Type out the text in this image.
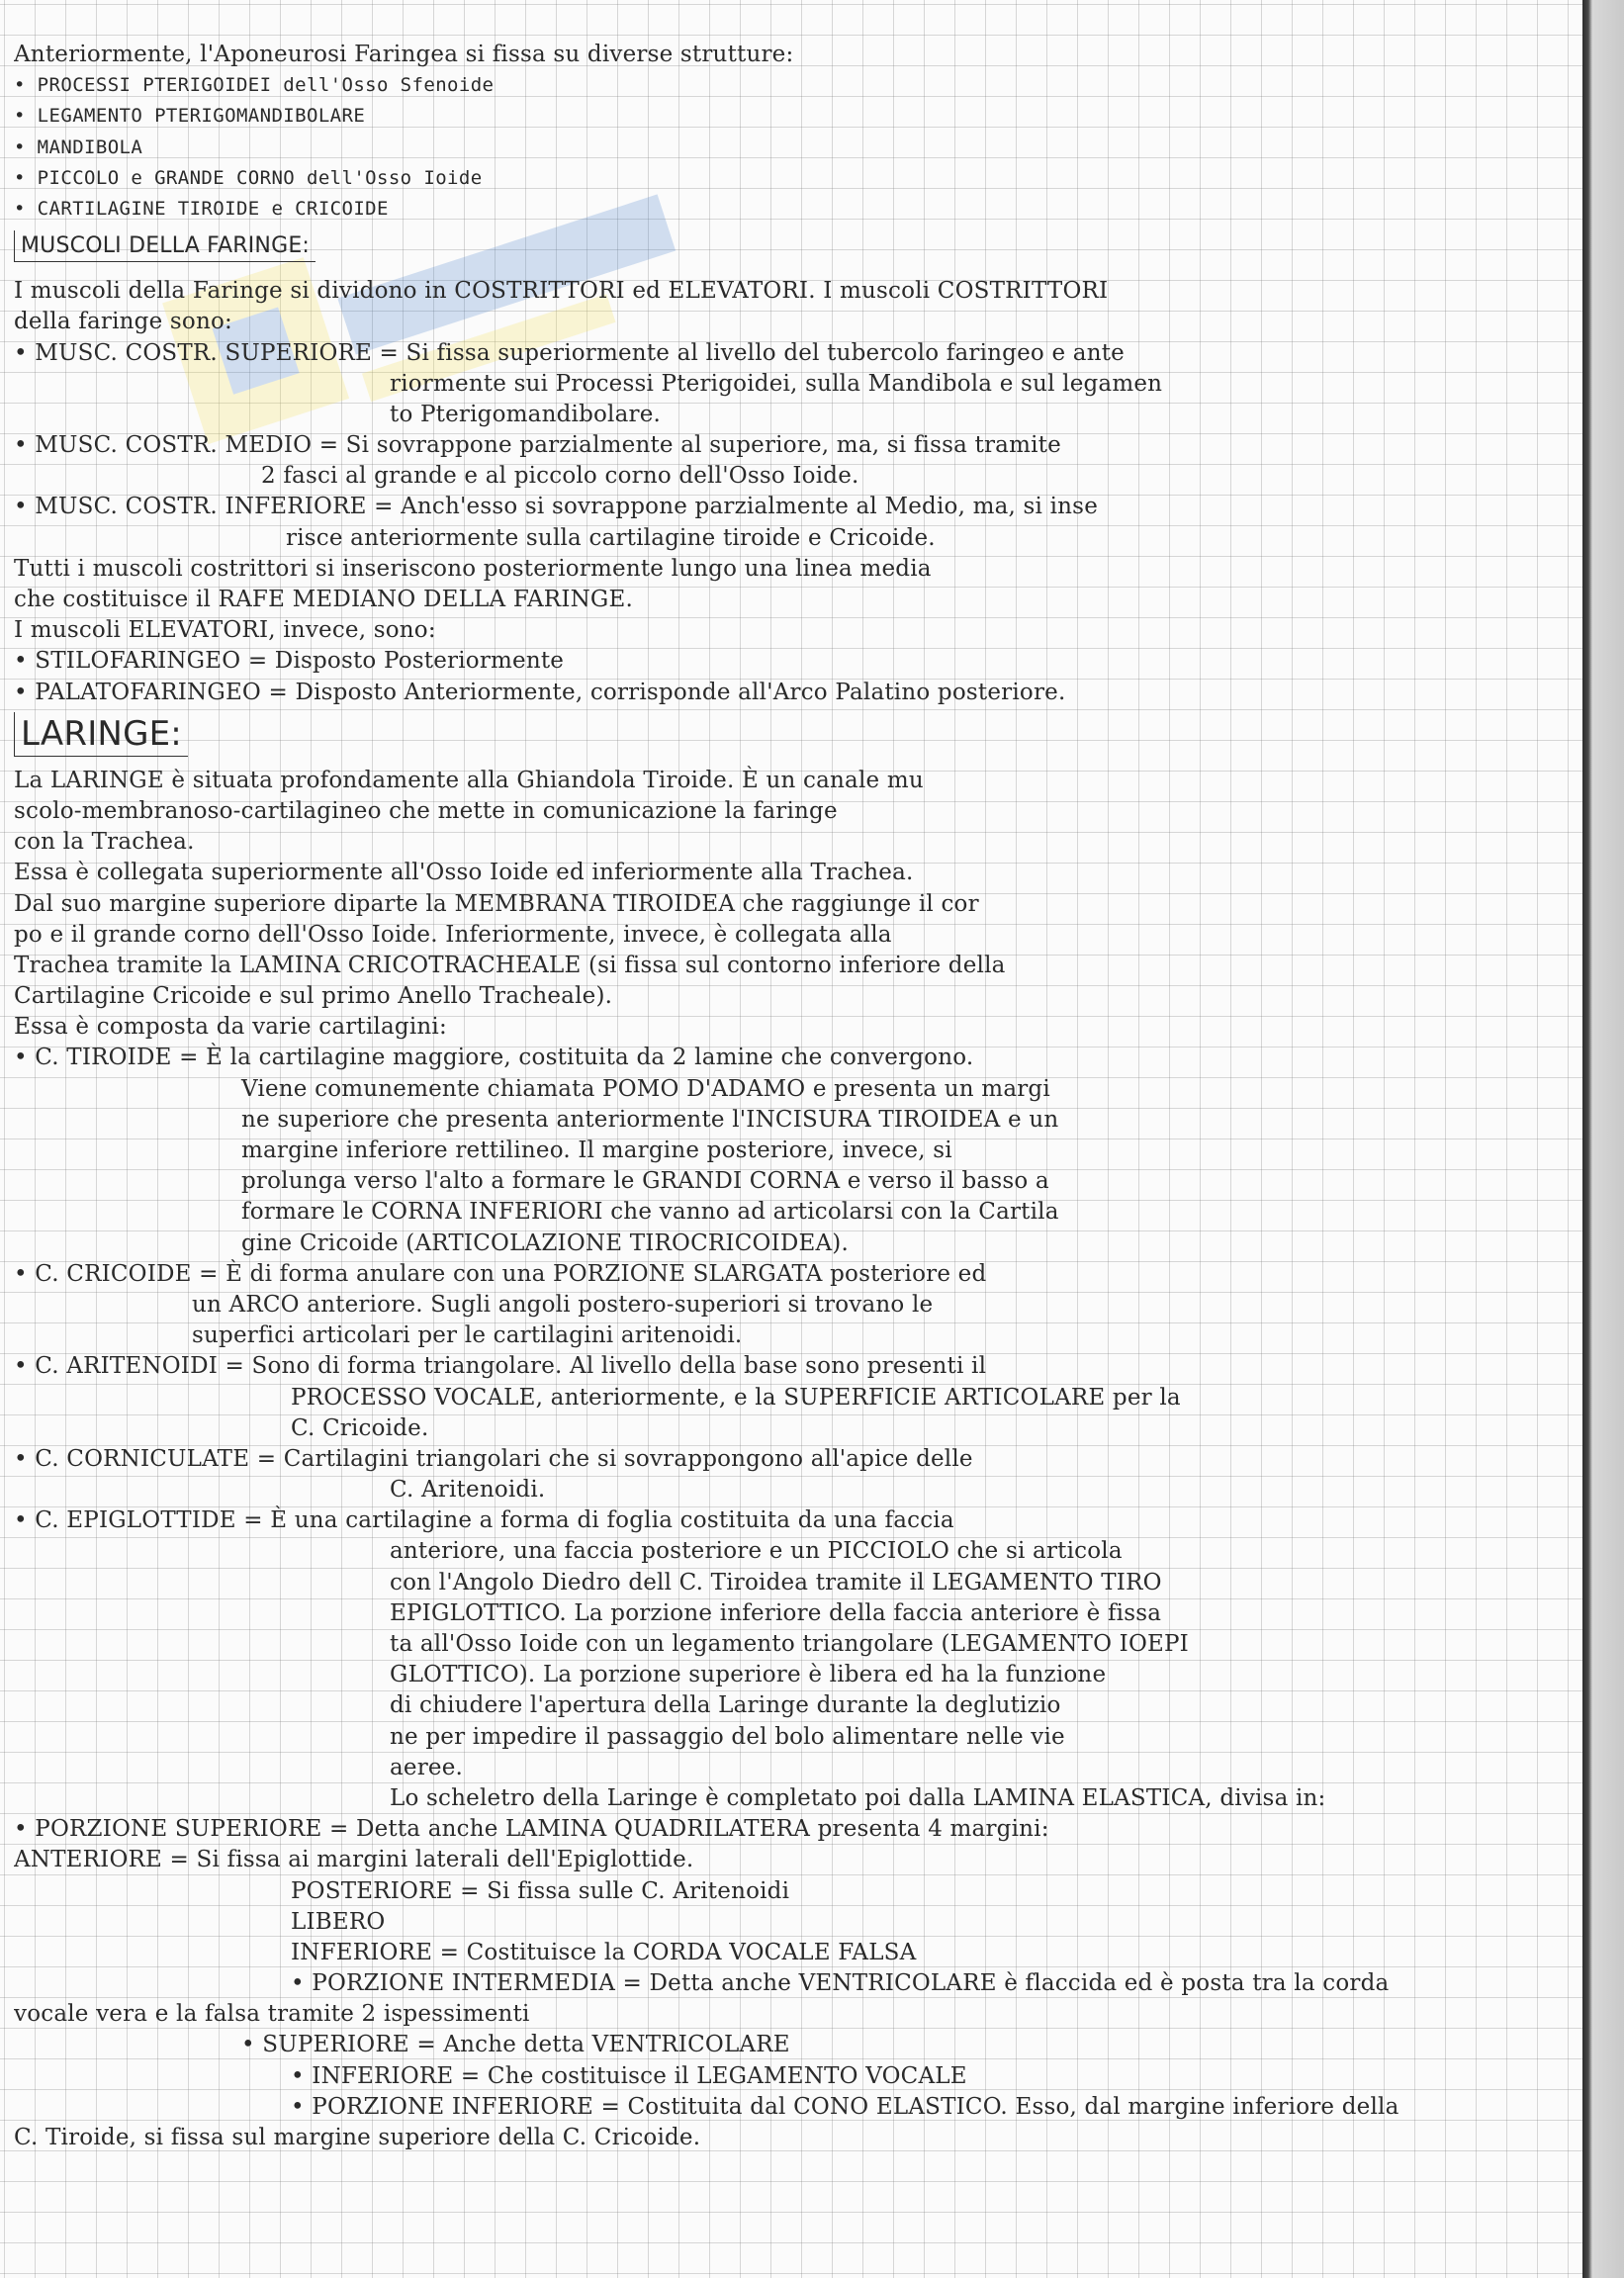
Anteriormente, l'Aponeurosi Faringea si fissa su diverse strutture:
• PROCESSI PTERIGOIDEI dell'Osso Sfenoide
• LEGAMENTO PTERIGOMANDIBOLARE
• MANDIBOLA
• PICCOLO e GRANDE CORNO dell'Osso Ioide
• CARTILAGINE TIROIDE e CRICOIDE
MUSCOLI DELLA FARINGE:
I muscoli della Faringe si dividono in COSTRITTORI ed ELEVATORI. I muscoli COSTRITTORI
della faringe sono:
• MUSC. COSTR. SUPERIORE = Si fissa superiormente al livello del tubercolo faringeo e ante
riormente sui Processi Pterigoidei, sulla Mandibola e sul legamen
to Pterigomandibolare.
• MUSC. COSTR. MEDIO = Si sovrappone parzialmente al superiore, ma, si fissa tramite
2 fasci al grande e al piccolo corno dell'Osso Ioide.
• MUSC. COSTR. INFERIORE = Anch'esso si sovrappone parzialmente al Medio, ma, si inse
risce anteriormente sulla cartilagine tiroide e Cricoide.
Tutti i muscoli costrittori si inseriscono posteriormente lungo una linea media
che costituisce il RAFE MEDIANO DELLA FARINGE.
I muscoli ELEVATORI, invece, sono:
• STILOFARINGEO = Disposto Posteriormente
• PALATOFARINGEO = Disposto Anteriormente, corrisponde all'Arco Palatino posteriore.
LARINGE:
La LARINGE è situata profondamente alla Ghiandola Tiroide. È un canale mu
scolo-membranoso-cartilagineo che mette in comunicazione la faringe
con la Trachea.
Essa è collegata superiormente all'Osso Ioide ed inferiormente alla Trachea.
Dal suo margine superiore diparte la MEMBRANA TIROIDEA che raggiunge il cor
po e il grande corno dell'Osso Ioide. Inferiormente, invece, è collegata alla
Trachea tramite la LAMINA CRICOTRACHEALE (si fissa sul contorno inferiore della
Cartilagine Cricoide e sul primo Anello Tracheale).
Essa è composta da varie cartilagini:
• C. TIROIDE = È la cartilagine maggiore, costituita da 2 lamine che convergono.
Viene comunemente chiamata POMO D'ADAMO e presenta un margi
ne superiore che presenta anteriormente l'INCISURA TIROIDEA e un
margine inferiore rettilineo. Il margine posteriore, invece, si
prolunga verso l'alto a formare le GRANDI CORNA e verso il basso a
formare le CORNA INFERIORI che vanno ad articolarsi con la Cartila
gine Cricoide (ARTICOLAZIONE TIROCRICOIDEA).
• C. CRICOIDE = È di forma anulare con una PORZIONE SLARGATA posteriore ed
un ARCO anteriore. Sugli angoli postero-superiori si trovano le
superfici articolari per le cartilagini aritenoidi.
• C. ARITENOIDI = Sono di forma triangolare. Al livello della base sono presenti il
PROCESSO VOCALE, anteriormente, e la SUPERFICIE ARTICOLARE per la
C. Cricoide.
• C. CORNICULATE = Cartilagini triangolari che si sovrappongono all'apice delle
C. Aritenoidi.
• C. EPIGLOTTIDE = È una cartilagine a forma di foglia costituita da una faccia
anteriore, una faccia posteriore e un PICCIOLO che si articola
con l'Angolo Diedro dell C. Tiroidea tramite il LEGAMENTO TIRO
EPIGLOTTICO. La porzione inferiore della faccia anteriore è fissa
ta all'Osso Ioide con un legamento triangolare (LEGAMENTO IOEPI
GLOTTICO). La porzione superiore è libera ed ha la funzione
di chiudere l'apertura della Laringe durante la deglutizio
ne per impedire il passaggio del bolo alimentare nelle vie
aeree.
Lo scheletro della Laringe è completato poi dalla LAMINA ELASTICA, divisa in:
• PORZIONE SUPERIORE = Detta anche LAMINA QUADRILATERA presenta 4 margini:
ANTERIORE = Si fissa ai margini laterali dell'Epiglottide.
POSTERIORE = Si fissa sulle C. Aritenoidi
LIBERO
INFERIORE = Costituisce la CORDA VOCALE FALSA
• PORZIONE INTERMEDIA = Detta anche VENTRICOLARE è flaccida ed è posta tra la corda
vocale vera e la falsa tramite 2 ispessimenti
• SUPERIORE = Anche detta VENTRICOLARE
• INFERIORE = Che costituisce il LEGAMENTO VOCALE
• PORZIONE INFERIORE = Costituita dal CONO ELASTICO. Esso, dal margine inferiore della
C. Tiroide, si fissa sul margine superiore della C. Cricoide.
